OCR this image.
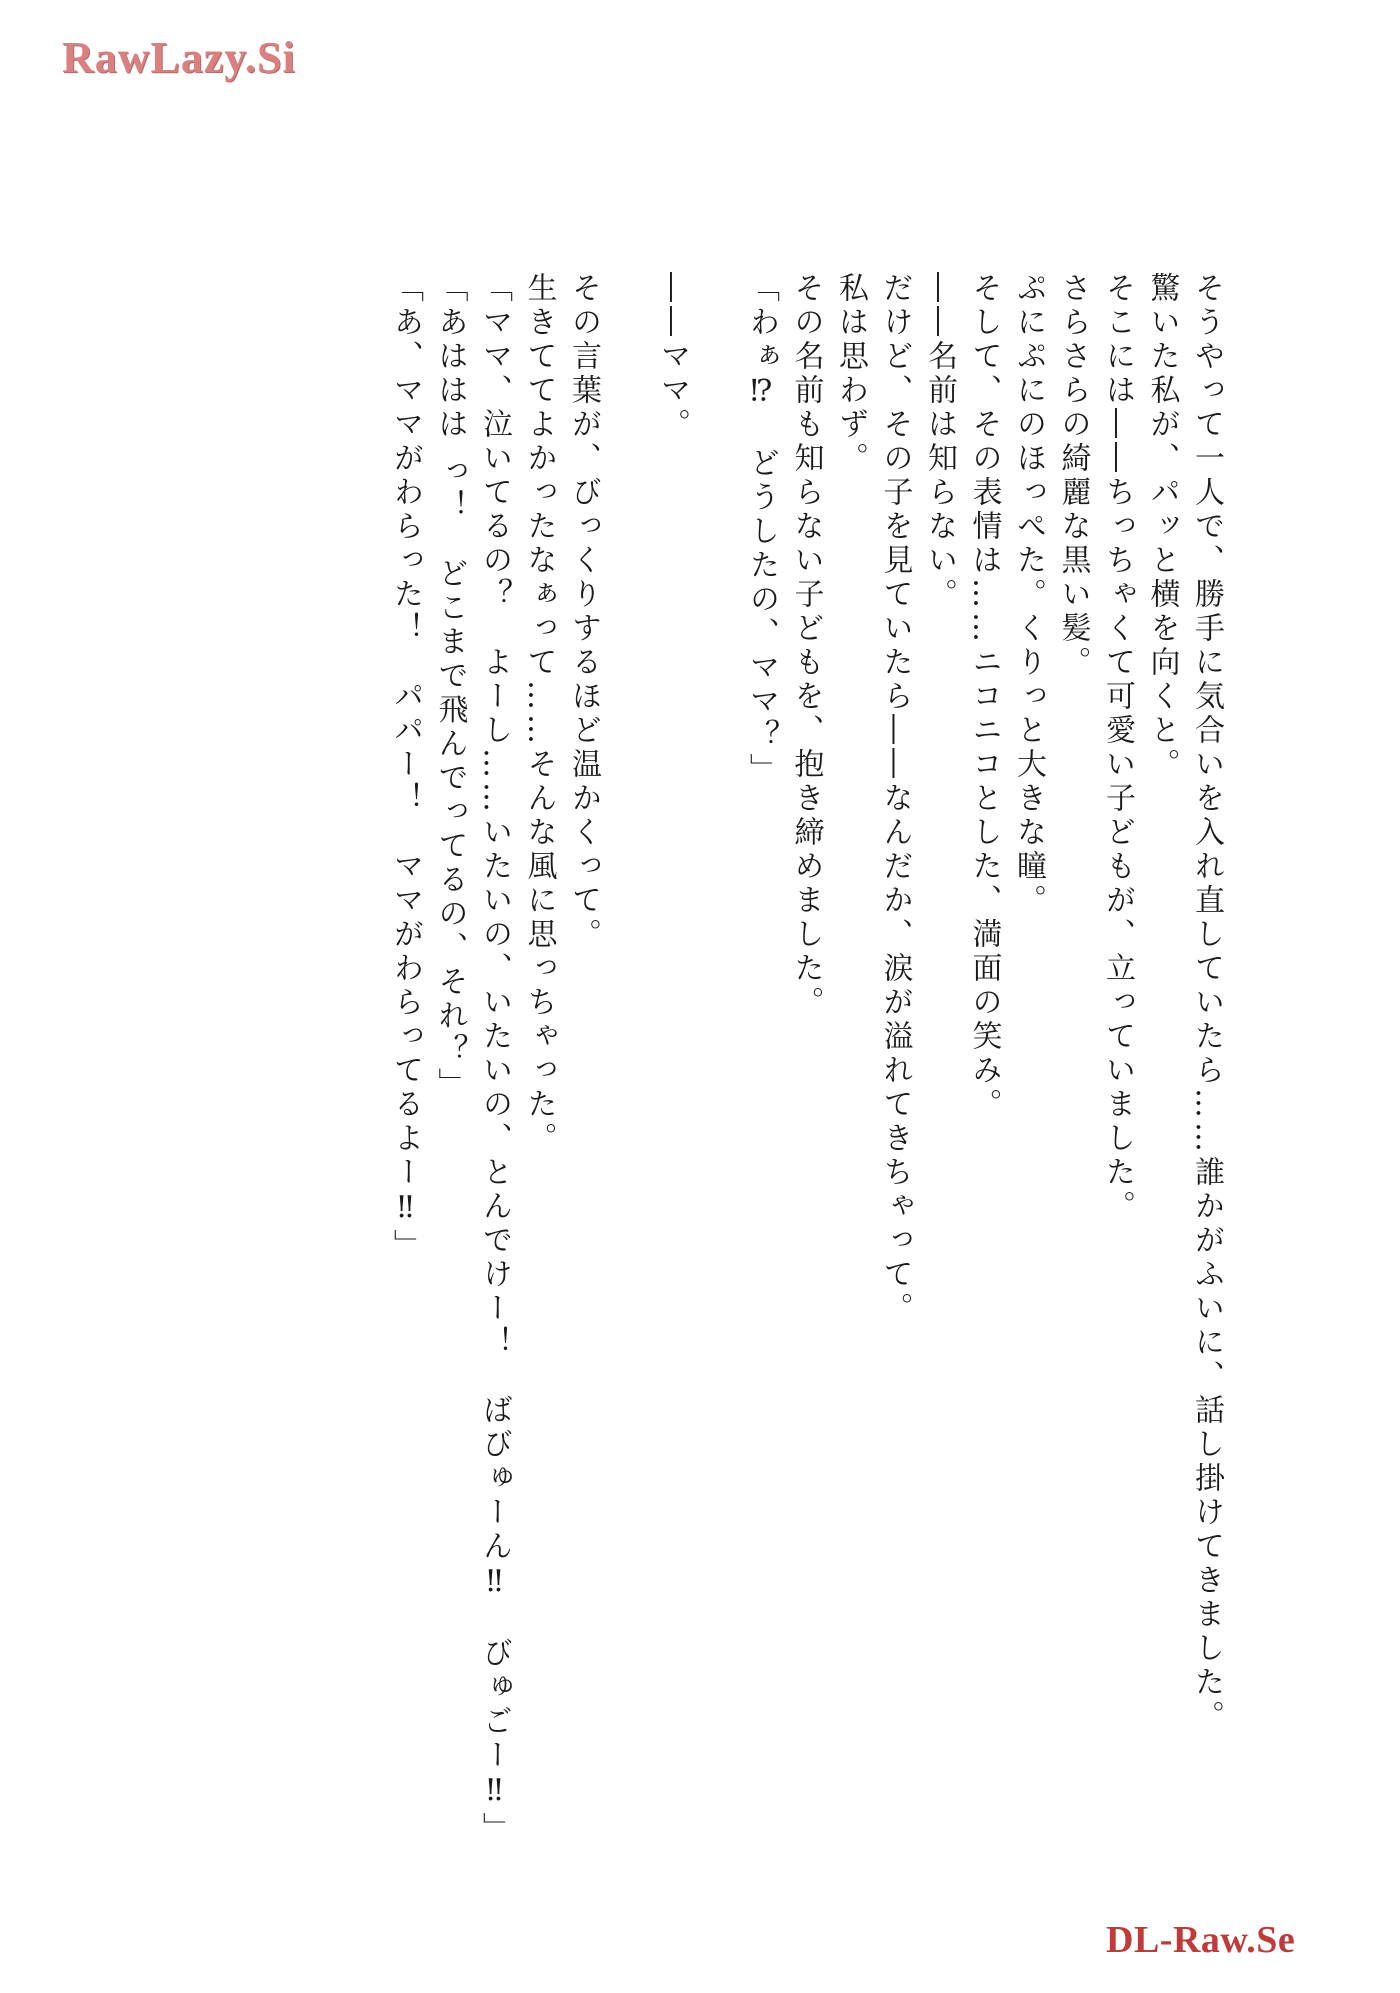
RawLazy.Si
そうやって一人で、勝手に気合いを入れ直していたら……誰かがふいに、話し掛けてきました。
驚いた私が、パッと横を向くと。
そこには――ちっちゃくて可愛い子どもが、立っていました。
さらさらの綺麗な黒い髪。
ぷにぷにのほっぺた。くりっと大きな瞳。
そして、その表情は……ニコニコとした、満面の笑み。
――名前は知らない。
だけど、その子を見ていたら――なんだか、涙が溢れてきちゃって。
私は思わず。
その名前も知らない子どもを、抱き締めました。
「わぁ⁉　どうしたの、ママ？」

――ママ。

その言葉が、びっくりするほど温かくって。
生きててよかったなぁって……そんな風に思っちゃった。
「ママ、泣いてるの？　よーし……いたいの、いたいの、とんでけー！　ばびゅーん‼　びゅごー‼」
「あははは っ！　どこまで飛んでってるの、それ？」
「あ、ママがわらった！　パパー！　ママがわらってるよー‼」
DL-Raw.Se
